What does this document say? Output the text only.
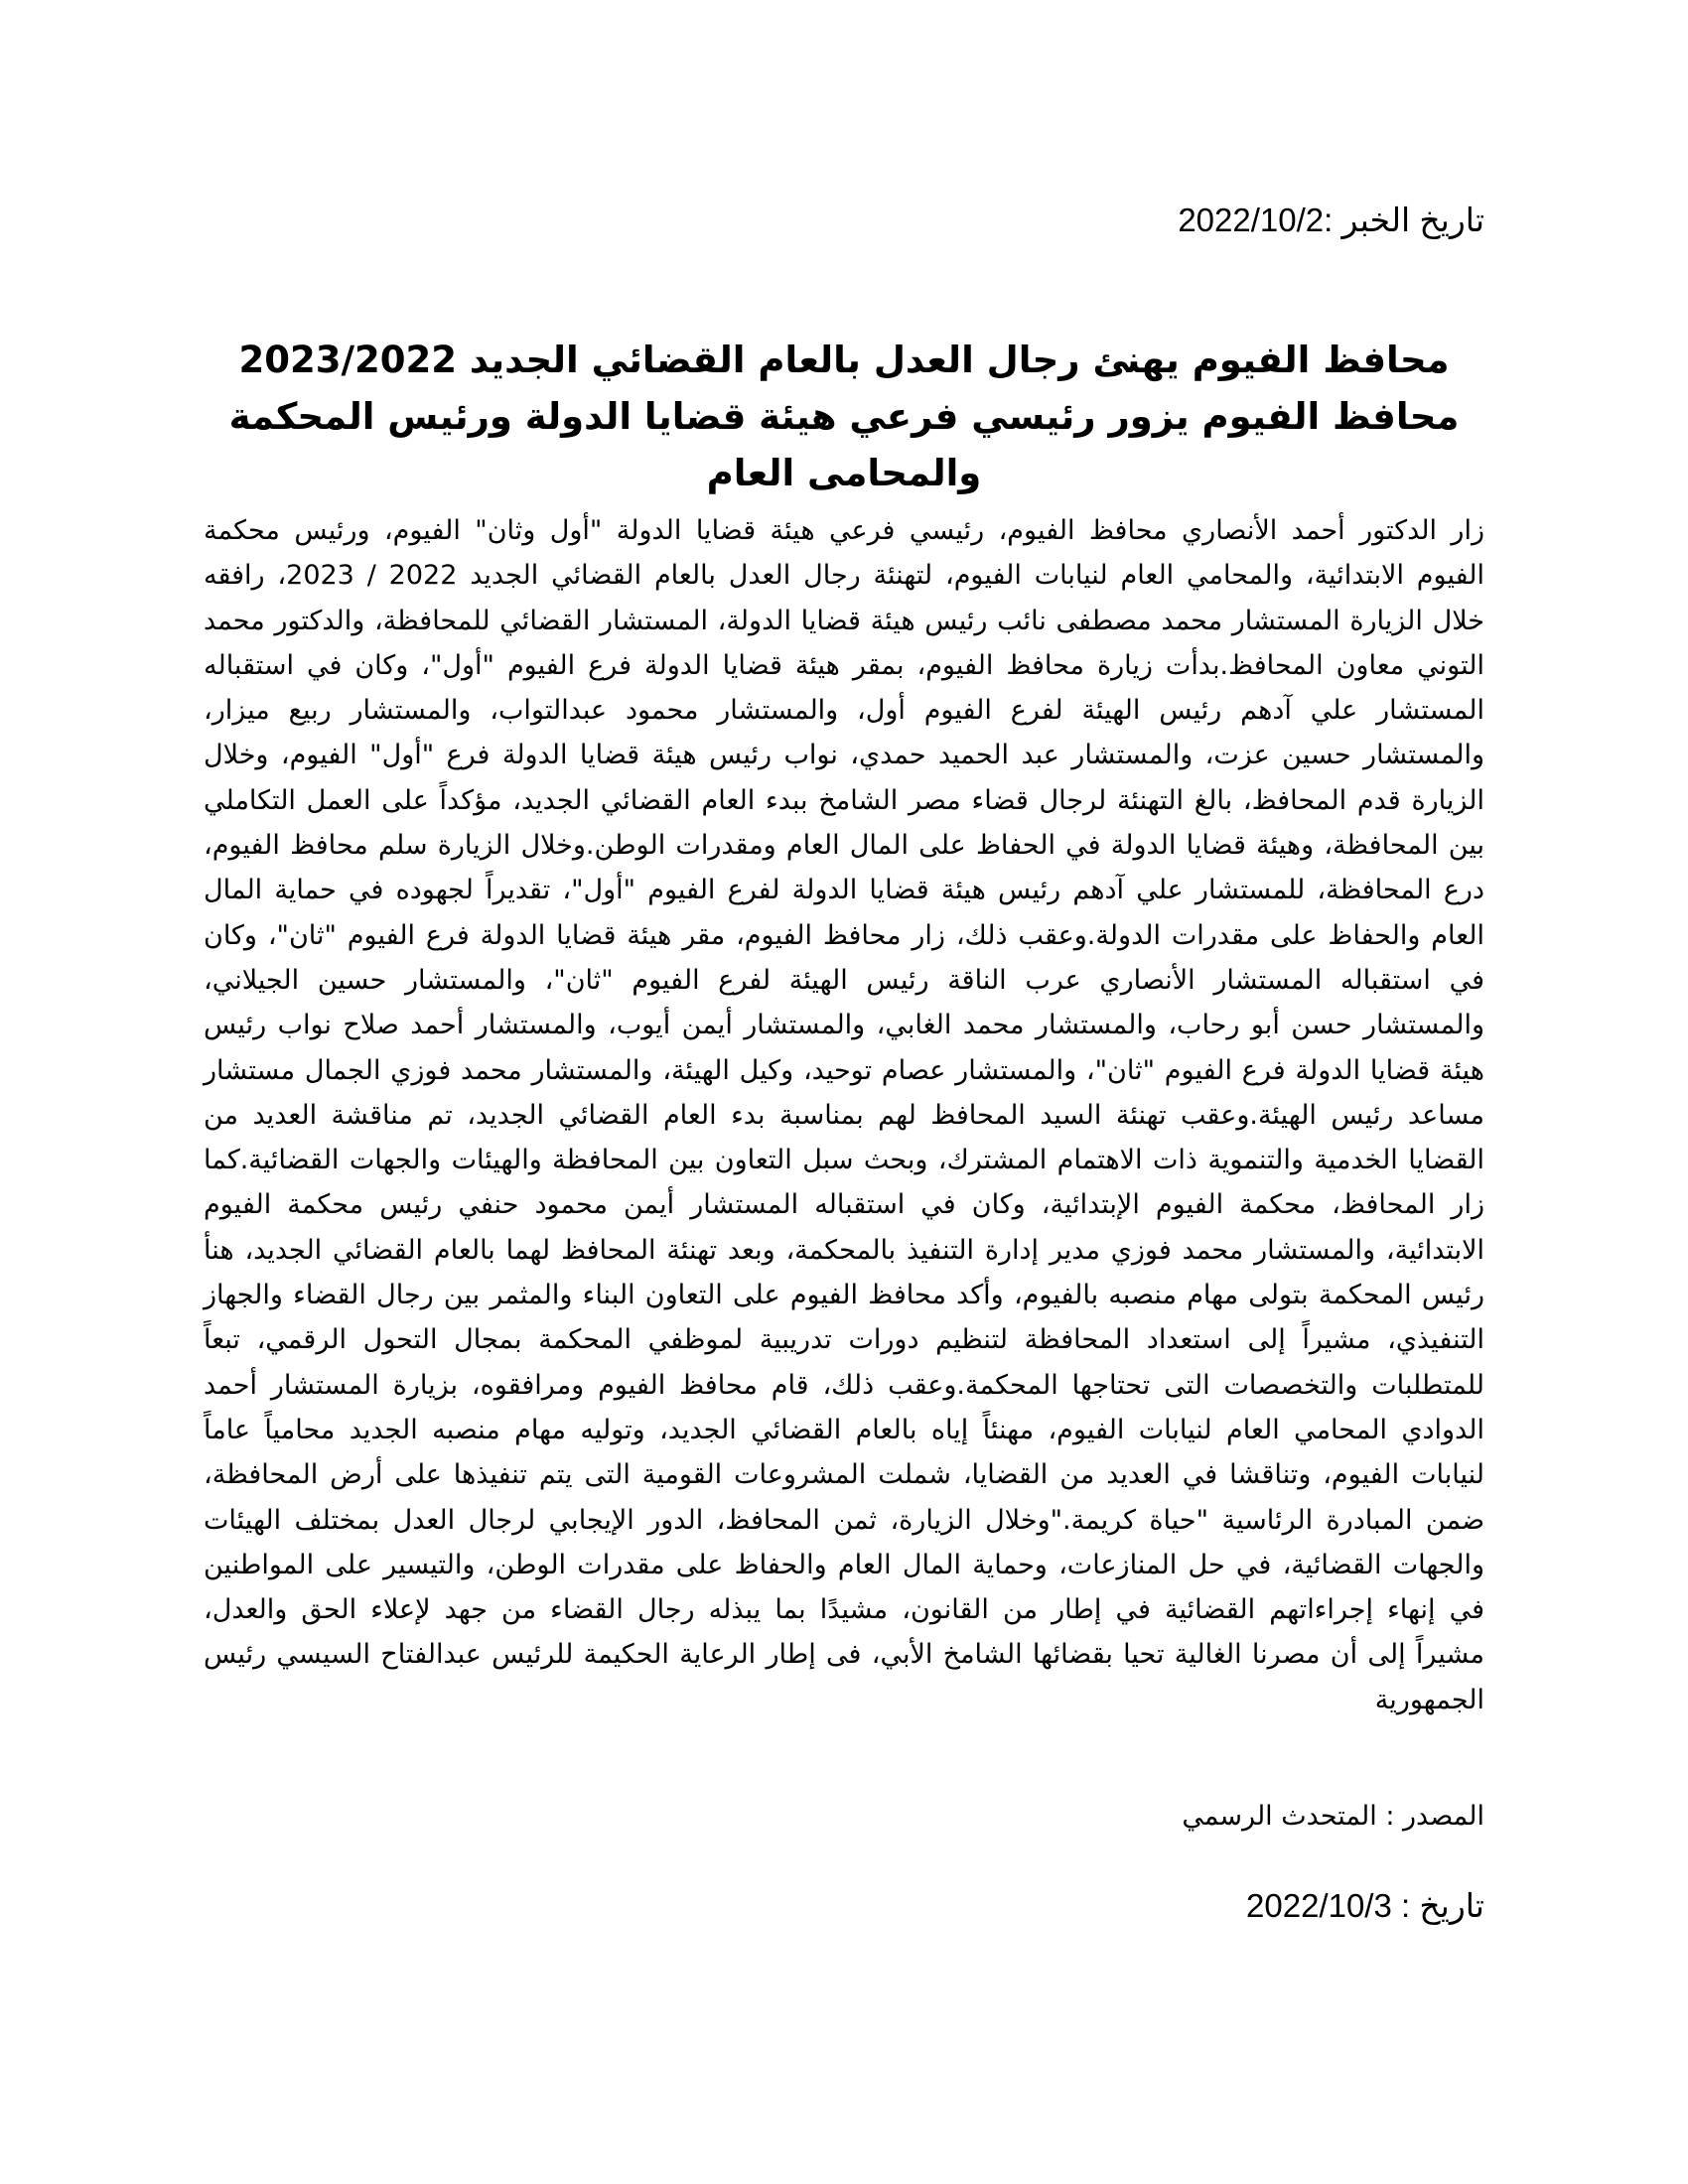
تاريخ الخبر :2022/10/2
محافظ الفيوم يهنئ رجال العدل بالعام القضائي الجديد 2023/2022
محافظ الفيوم يزور رئيسي فرعي هيئة قضايا الدولة ورئيس المحكمة والمحامى العام
زار الدكتور أحمد الأنصاري محافظ الفيوم، رئيسي فرعي هيئة قضايا الدولة "أول وثان" الفيوم، ورئيس محكمة الفيوم الابتدائية، والمحامي العام لنيابات الفيوم، لتهنئة رجال العدل بالعام القضائي الجديد 2022 / 2023، رافقه خلال الزيارة المستشار محمد مصطفى نائب رئيس هيئة قضايا الدولة، المستشار القضائي للمحافظة، والدكتور محمد التوني معاون المحافظ.بدأت زيارة محافظ الفيوم، بمقر هيئة قضايا الدولة فرع الفيوم "أول"، وكان في استقباله المستشار علي آدهم رئيس الهيئة لفرع الفيوم أول، والمستشار محمود عبدالتواب، والمستشار ربيع ميزار، والمستشار حسين عزت، والمستشار عبد الحميد حمدي، نواب رئيس هيئة قضايا الدولة فرع "أول" الفيوم، وخلال الزيارة قدم المحافظ، بالغ التهنئة لرجال قضاء مصر الشامخ ببدء العام القضائي الجديد، مؤكداً على العمل التكاملي بين المحافظة، وهيئة قضايا الدولة في الحفاظ على المال العام ومقدرات الوطن.وخلال الزيارة سلم محافظ الفيوم، درع المحافظة، للمستشار علي آدهم رئيس هيئة قضايا الدولة لفرع الفيوم "أول"، تقديراً لجهوده في حماية المال العام والحفاظ على مقدرات الدولة.وعقب ذلك، زار محافظ الفيوم، مقر هيئة قضايا الدولة فرع الفيوم "ثان"، وكان في استقباله المستشار الأنصاري عرب الناقة رئيس الهيئة لفرع الفيوم "ثان"، والمستشار حسين الجيلاني، والمستشار حسن أبو رحاب، والمستشار محمد الغابي، والمستشار أيمن أيوب، والمستشار أحمد صلاح نواب رئيس هيئة قضايا الدولة فرع الفيوم "ثان"، والمستشار عصام توحيد، وكيل الهيئة، والمستشار محمد فوزي الجمال مستشار مساعد رئيس الهيئة.وعقب تهنئة السيد المحافظ لهم بمناسبة بدء العام القضائي الجديد، تم مناقشة العديد من القضايا الخدمية والتنموية ذات الاهتمام المشترك، وبحث سبل التعاون بين المحافظة والهيئات والجهات القضائية.كما زار المحافظ، محكمة الفيوم الإبتدائية، وكان في استقباله المستشار أيمن محمود حنفي رئيس محكمة الفيوم الابتدائية، والمستشار محمد فوزي مدير إدارة التنفيذ بالمحكمة، وبعد تهنئة المحافظ لهما بالعام القضائي الجديد، هنأ رئيس المحكمة بتولى مهام منصبه بالفيوم، وأكد محافظ الفيوم على التعاون البناء والمثمر بين رجال القضاء والجهاز التنفيذي، مشيراً إلى استعداد المحافظة لتنظيم دورات تدريبية لموظفي المحكمة بمجال التحول الرقمي، تبعاً للمتطلبات والتخصصات التى تحتاجها المحكمة.وعقب ذلك، قام محافظ الفيوم ومرافقوه، بزيارة المستشار أحمد الدوادي المحامي العام لنيابات الفيوم، مهنئاً إياه بالعام القضائي الجديد، وتوليه مهام منصبه الجديد محامياً عاماً لنيابات الفيوم، وتناقشا في العديد من القضايا، شملت المشروعات القومية التى يتم تنفيذها على أرض المحافظة، ضمن المبادرة الرئاسية "حياة كريمة."وخلال الزيارة، ثمن المحافظ، الدور الإيجابي لرجال العدل بمختلف الهيئات والجهات القضائية، في حل المنازعات، وحماية المال العام والحفاظ على مقدرات الوطن، والتيسير على المواطنين في إنهاء إجراءاتهم القضائية في إطار من القانون، مشيدًا بما يبذله رجال القضاء من جهد لإعلاء الحق والعدل، مشيراً إلى أن مصرنا الغالية تحيا بقضائها الشامخ الأبي، فى إطار الرعاية الحكيمة للرئيس عبدالفتاح السيسي رئيس الجمهورية
المصدر : المتحدث الرسمي
تاريخ : 2022/10/3
